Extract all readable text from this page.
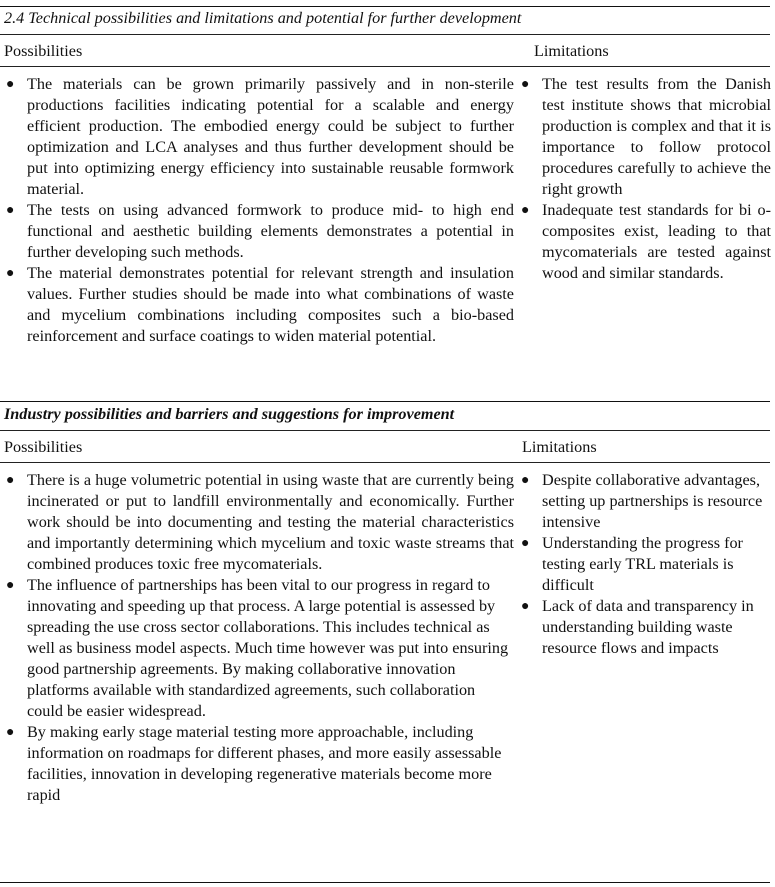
2.4 Technical possibilities and limitations and potential for further development
Possibilities	Limitations
● The materials can be grown primarily passively and in non-sterile productions facilities indicating potential for a scalable and energy efficient production. The embodied energy could be subject to further optimization and LCA analyses and thus further development should be put into optimizing energy efficiency into sustainable reusable formwork material.
● The tests on using advanced formwork to produce mid- to high end functional and aesthetic building elements demonstrates a potential in further developing such methods.
● The material demonstrates potential for relevant strength and insulation values. Further studies should be made into what combinations of waste and mycelium combinations including composites such a bio-based reinforcement and surface coatings to widen material potential.
● The test results from the Danish test institute shows that microbial production is complex and that it is importance to follow protocol procedures carefully to achieve the right growth
● Inadequate test standards for bi o-composites exist, leading to that mycomaterials are tested against wood and similar standards.
Industry possibilities and barriers and suggestions for improvement
Possibilities	Limitations
● There is a huge volumetric potential in using waste that are currently being incinerated or put to landfill environmentally and economically. Further work should be into documenting and testing the material characteristics and importantly determining which mycelium and toxic waste streams that combined produces toxic free mycomaterials.
● The influence of partnerships has been vital to our progress in regard to innovating and speeding up that process. A large potential is assessed by spreading the use cross sector collaborations. This includes technical as well as business model aspects. Much time however was put into ensuring good partnership agreements. By making collaborative innovation platforms available with standardized agreements, such collaboration could be easier widespread.
● By making early stage material testing more approachable, including information on roadmaps for different phases, and more easily assessable facilities, innovation in developing regenerative materials become more rapid
● Despite collaborative advantages, setting up partnerships is resource intensive
● Understanding the progress for testing early TRL materials is difficult
● Lack of data and transparency in understanding building waste resource flows and impacts
